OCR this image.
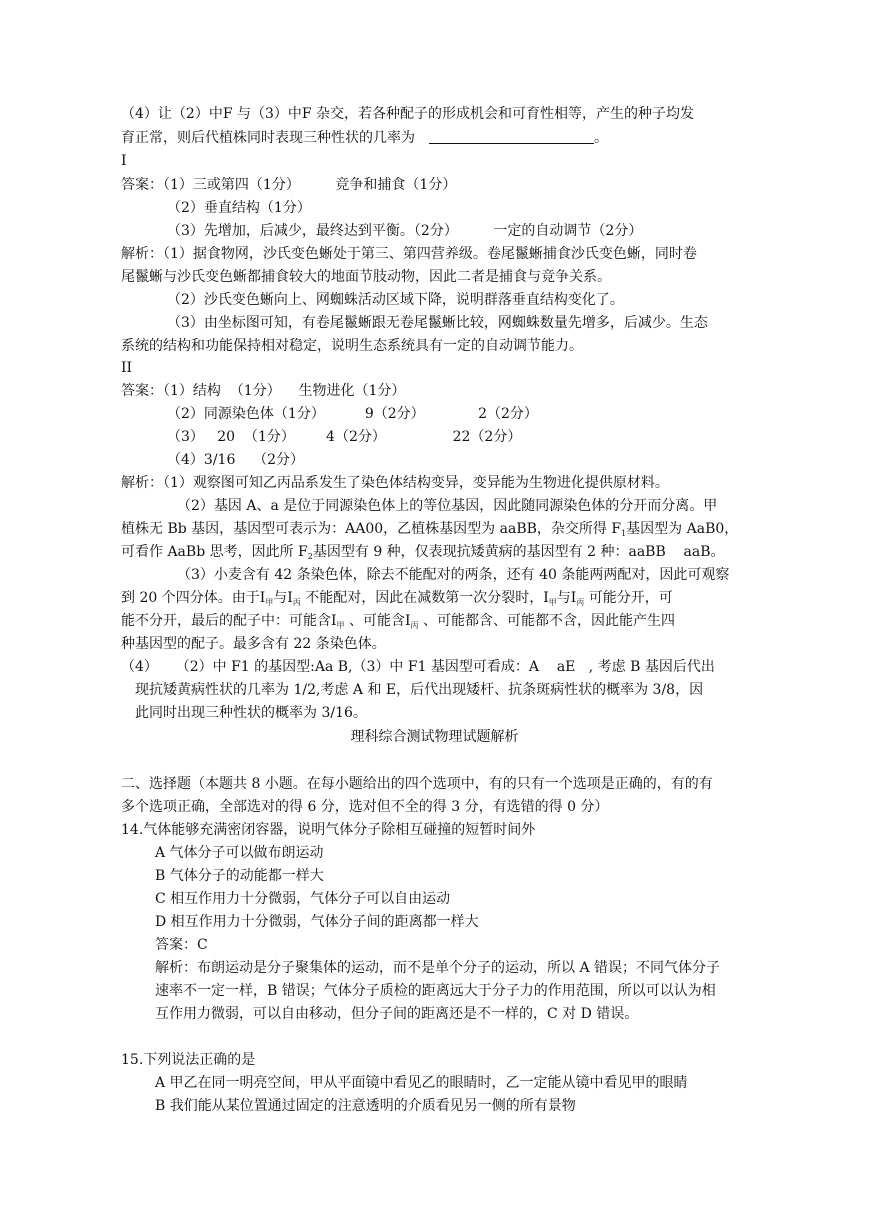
（4）让（2）中F 与（3）中F 杂交，若各种配子的形成机会和可育性相等，产生的种子均发
育正常，则后代植株同时表现三种性状的几率为	。
I
答案：（1）三或第四（1分）        竞争和捕食（1分）
（2）垂直结构（1分）
（3）先增加，后减少，最终达到平衡。（2分）        一定的自动调节（2分）
解析：（1）据食物网，沙氏变色蜥处于第三、第四营养级。卷尾鬣蜥捕食沙氏变色蜥，同时卷
尾鬣蜥与沙氏变色蜥都捕食较大的地面节肢动物，因此二者是捕食与竞争关系。
（2）沙氏变色蜥向上、网蜘蛛活动区域下降，说明群落垂直结构变化了。
（3）由坐标图可知，有卷尾鬣蜥跟无卷尾鬣蜥比较，网蜘蛛数量先增多，后减少。生态
系统的结构和功能保持相对稳定，说明生态系统具有一定的自动调节能力。
II
答案：（1）结构  （1分）    生物进化（1分）
（2）同源染色体（1分）         9（2分）            2（2分）
（3）   20  （1分）       4（2分）               22（2分）
（4）3/16    （2分）
解析：（1）观察图可知乙丙品系发生了染色体结构变异，变异能为生物进化提供原材料。
（2）基因 A、a 是位于同源染色体上的等位基因，因此随同源染色体的分开而分离。甲
植株无 Bb 基因，基因型可表示为：AA00，乙植株基因型为 aaBB，杂交所得 $F_1$基因型为 AaB0，
可看作 AaBb 思考，因此所 $F_2$基因型有 9 种，仅表现抗矮黄病的基因型有 2 种：aaBB    aaB。
（3）小麦含有 42 条染色体，除去不能配对的两条，还有 40 条能两两配对，因此可观察
到 20 个四分体。由于$Ⅰ_甲$与$Ⅰ_丙$ 不能配对，因此在减数第一次分裂时，$Ⅰ_甲$与$Ⅰ_丙$ 可能分开，可
能不分开，最后的配子中：可能含$Ⅰ_甲$ 、可能含$Ⅰ_丙$ 、可能都含、可能都不含，因此能产生四
种基因型的配子。最多含有 22 条染色体。
（4）    （2）中 F1 的基因型:Aa B,（3）中 F1 基因型可看成：A    aE   , 考虑 B 基因后代出
现抗矮黄病性状的几率为 1/2,考虑 A 和 E，后代出现矮杆、抗条斑病性状的概率为 3/8，因
此同时出现三种性状的概率为 3/16。
理科综合测试物理试题解析
二、选择题（本题共 8 小题。在每小题给出的四个选项中，有的只有一个选项是正确的，有的有
多个选项正确，全部选对的得 6 分，选对但不全的得 3 分，有选错的得 0 分）
14.气体能够充满密闭容器，说明气体分子除相互碰撞的短暂时间外
A 气体分子可以做布朗运动
B 气体分子的动能都一样大
C 相互作用力十分微弱，气体分子可以自由运动
D 相互作用力十分微弱，气体分子间的距离都一样大
答案：C
解析：布朗运动是分子聚集体的运动，而不是单个分子的运动，所以 A 错误；不同气体分子
速率不一定一样，B 错误；气体分子质检的距离远大于分子力的作用范围，所以可以认为相
互作用力微弱，可以自由移动，但分子间的距离还是不一样的，C 对 D 错误。
15.下列说法正确的是
A 甲乙在同一明亮空间，甲从平面镜中看见乙的眼睛时，乙一定能从镜中看见甲的眼睛
B 我们能从某位置通过固定的注意透明的介质看见另一侧的所有景物
